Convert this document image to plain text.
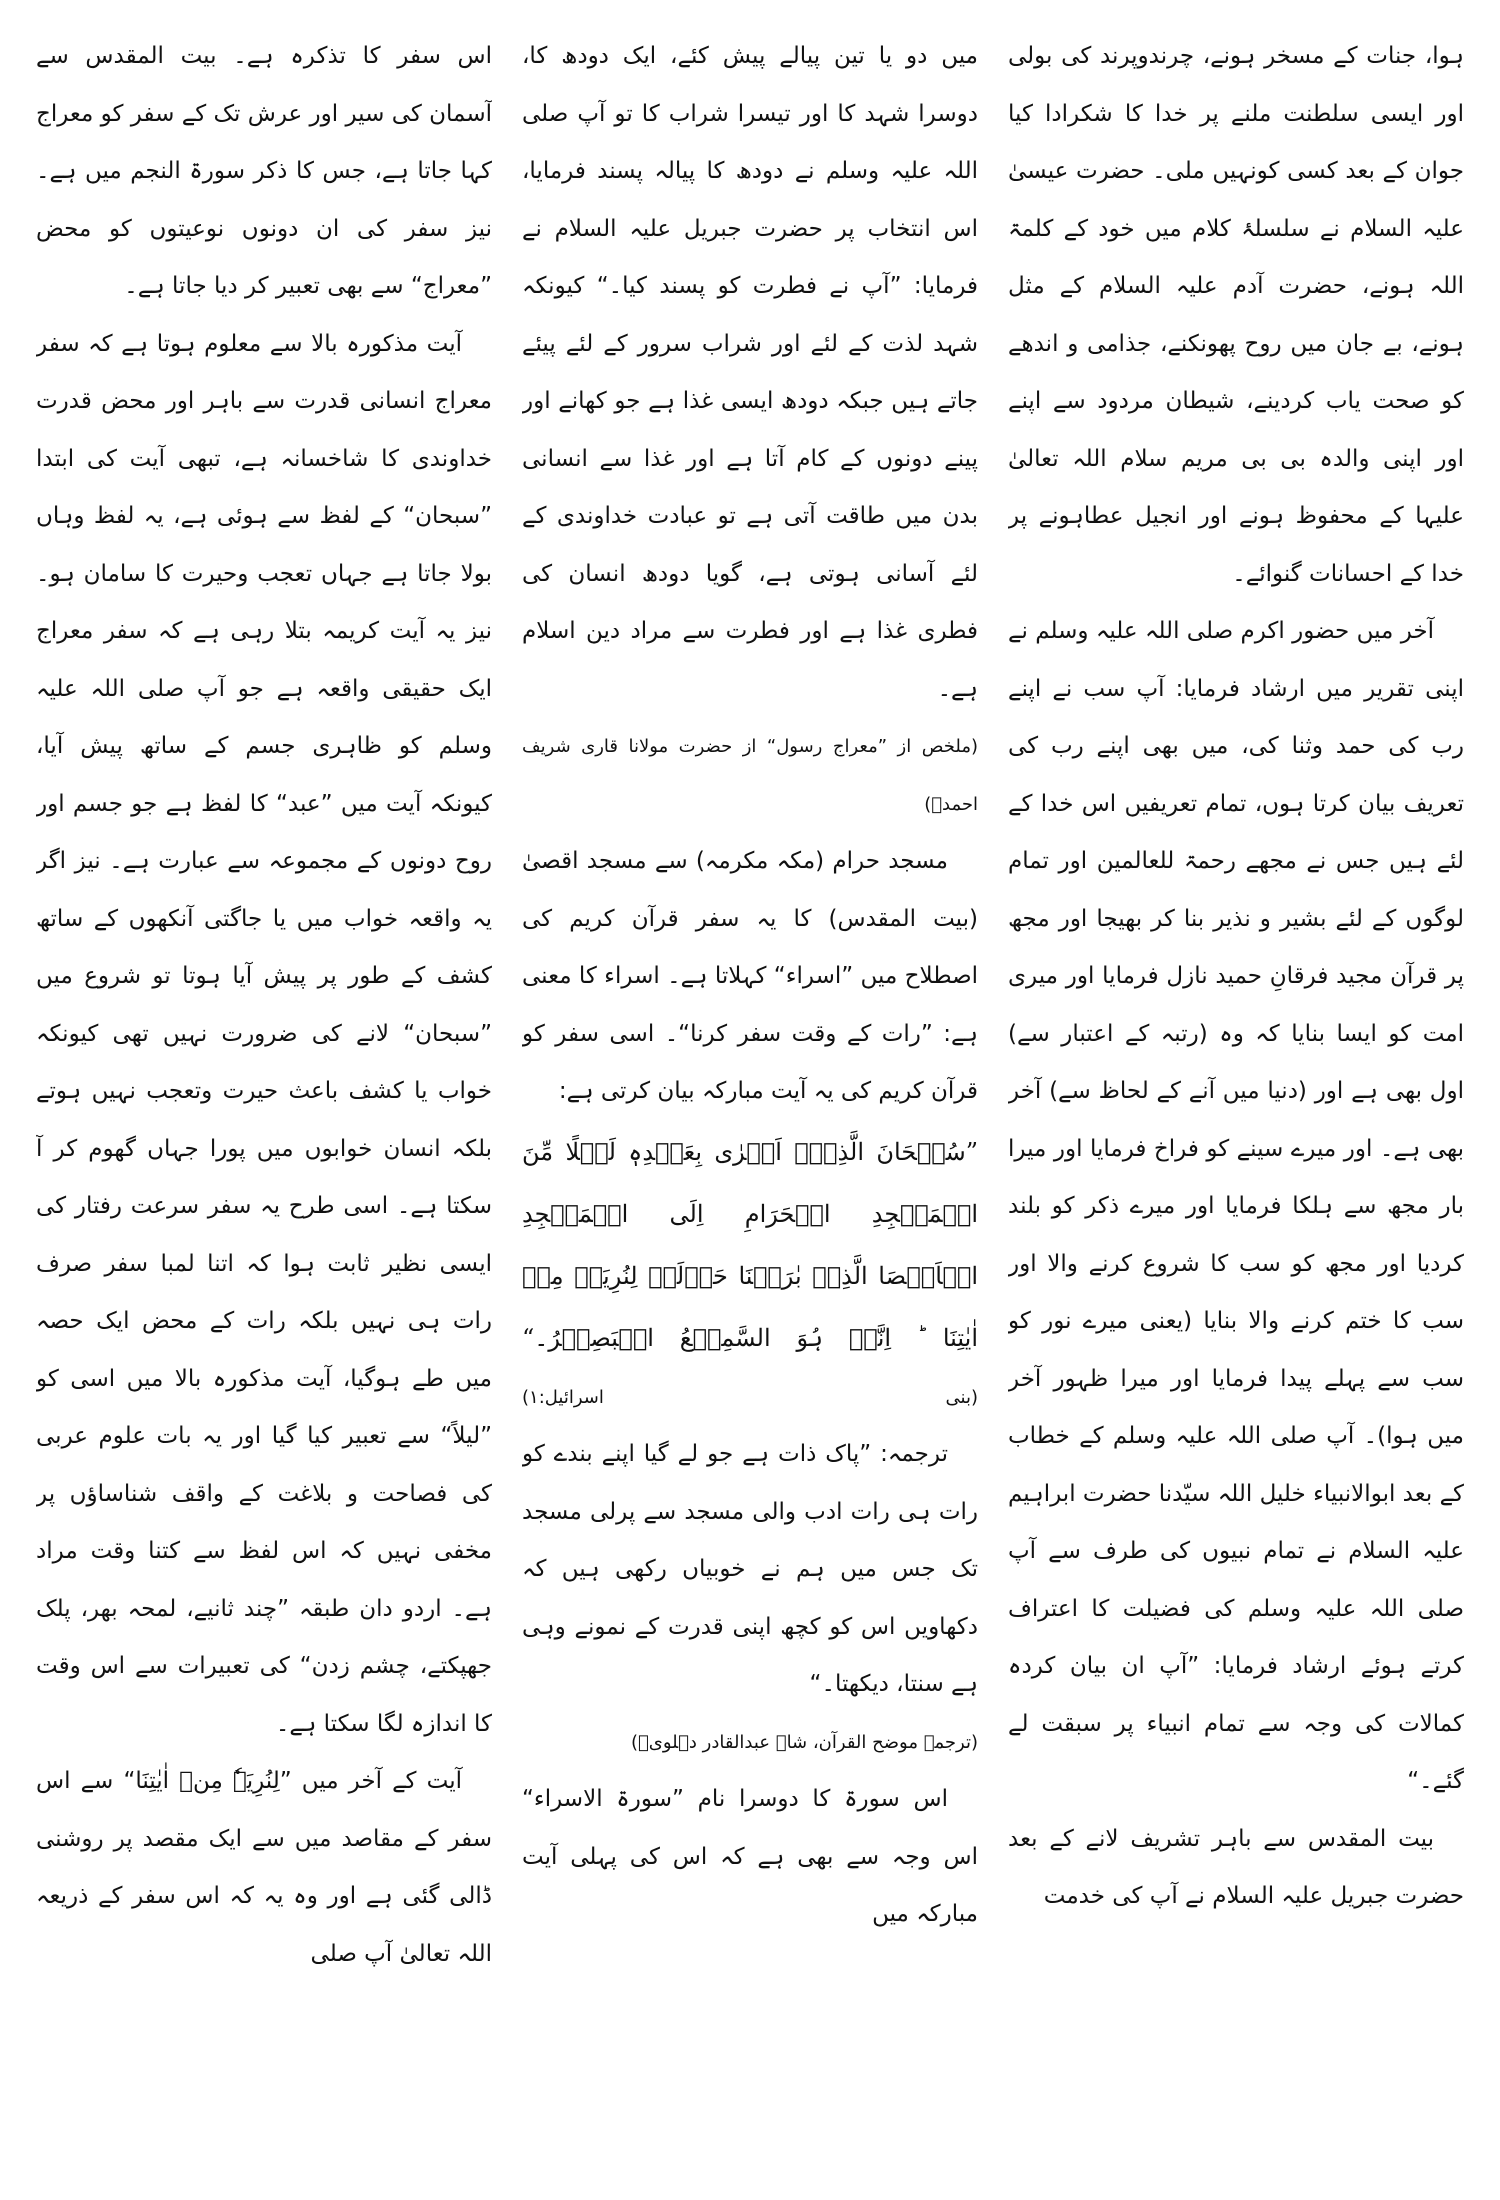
ہوا، جنات کے مسخر ہونے، چرندوپرند کی بولی اور ایسی سلطنت ملنے پر خدا کا شکرادا کیا جوان کے بعد کسی کونہیں ملی۔ حضرت عیسیٰ علیہ السلام نے سلسلۂ کلام میں خود کے کلمۃ اللہ ہونے، حضرت آدم علیہ السلام کے مثل ہونے، بے جان میں روح پھونکنے، جذامی و اندھے کو صحت یاب کردینے، شیطان مردود سے اپنے اور اپنی والدہ بی بی مریم سلام اللہ تعالیٰ علیہا کے محفوظ ہونے اور انجیل عطاہونے پر خدا کے احسانات گنوائے۔

آخر میں حضور اکرم صلی اللہ علیہ وسلم نے اپنی تقریر میں ارشاد فرمایا: آپ سب نے اپنے رب کی حمد وثنا کی، میں بھی اپنے رب کی تعریف بیان کرتا ہوں، تمام تعریفیں اس خدا کے لئے ہیں جس نے مجھے رحمۃ للعالمین اور تمام لوگوں کے لئے بشیر و نذیر بنا کر بھیجا اور مجھ پر قرآن مجید فرقانِ حمید نازل فرمایا اور میری امت کو ایسا بنایا کہ وہ (رتبہ کے اعتبار سے) اول بھی ہے اور (دنیا میں آنے کے لحاظ سے) آخر بھی ہے۔ اور میرے سینے کو فراخ فرمایا اور میرا بار مجھ سے ہلکا فرمایا اور میرے ذکر کو بلند کردیا اور مجھ کو سب کا شروع کرنے والا اور سب کا ختم کرنے والا بنایا (یعنی میرے نور کو سب سے پہلے پیدا فرمایا اور میرا ظہور آخر میں ہوا)۔ آپ صلی اللہ علیہ وسلم کے خطاب کے بعد ابوالانبیاء خلیل اللہ سیّدنا حضرت ابراہیم علیہ السلام نے تمام نبیوں کی طرف سے آپ صلی اللہ علیہ وسلم کی فضیلت کا اعتراف کرتے ہوئے ارشاد فرمایا: ”آپ ان بیان کردہ کمالات کی وجہ سے تمام انبیاء پر سبقت لے گئے۔“

بیت المقدس سے باہر تشریف لانے کے بعد حضرت جبریل علیہ السلام نے آپ کی خدمت

میں دو یا تین پیالے پیش کئے، ایک دودھ کا، دوسرا شہد کا اور تیسرا شراب کا تو آپ صلی اللہ علیہ وسلم نے دودھ کا پیالہ پسند فرمایا، اس انتخاب پر حضرت جبریل علیہ السلام نے فرمایا: ”آپ نے فطرت کو پسند کیا۔“ کیونکہ شہد لذت کے لئے اور شراب سرور کے لئے پیئے جاتے ہیں جبکہ دودھ ایسی غذا ہے جو کھانے اور پینے دونوں کے کام آتا ہے اور غذا سے انسانی بدن میں طاقت آتی ہے تو عبادت خداوندی کے لئے آسانی ہوتی ہے، گویا دودھ انسان کی فطری غذا ہے اور فطرت سے مراد دین اسلام ہے۔

(ملخص از ”معراج رسول“ از حضرت مولانا قاری شریف احمدؒ)

مسجد حرام (مکہ مکرمہ) سے مسجد اقصیٰ (بیت المقدس) کا یہ سفر قرآن کریم کی اصطلاح میں ”اسراء“ کہلاتا ہے۔ اسراء کا معنی ہے: ”رات کے وقت سفر کرنا“۔ اسی سفر کو قرآن کریم کی یہ آیت مبارکہ بیان کرتی ہے:

”سُبۡحَانَ الَّذِیۡۤ اَسۡرٰی بِعَبۡدِہٖ لَیۡلًا مِّنَ الۡمَسۡجِدِ الۡحَرَامِ اِلَی الۡمَسۡجِدِ الۡاَقۡصَا الَّذِیۡ بٰرَکۡنَا حَوۡلَہٗ لِنُرِیَہٗ مِنۡ اٰیٰتِنَا ؕ اِنَّہٗ ہُوَ السَّمِیۡعُ الۡبَصِیۡرُ۔“

(بنی اسرائیل:۱)

ترجمہ: ”پاک ذات ہے جو لے گیا اپنے بندے کو رات ہی رات ادب والی مسجد سے پرلی مسجد تک جس میں ہم نے خوبیاں رکھی ہیں کہ دکھاویں اس کو کچھ اپنی قدرت کے نمونے وہی ہے سنتا، دیکھتا۔“

(ترجمہ موضح القرآن، شاہ عبدالقادر دہلویؒ)

اس سورۃ کا دوسرا نام ”سورۃ الاسراء“ اس وجہ سے بھی ہے کہ اس کی پہلی آیت مبارکہ میں

اس سفر کا تذکرہ ہے۔ بیت المقدس سے آسمان کی سیر اور عرش تک کے سفر کو معراج کہا جاتا ہے، جس کا ذکر سورۃ النجم میں ہے۔ نیز سفر کی ان دونوں نوعیتوں کو محض ”معراج“ سے بھی تعبیر کر دیا جاتا ہے۔

آیت مذکورہ بالا سے معلوم ہوتا ہے کہ سفر معراج انسانی قدرت سے باہر اور محض قدرت خداوندی کا شاخسانہ ہے، تبھی آیت کی ابتدا ”سبحان“ کے لفظ سے ہوئی ہے، یہ لفظ وہاں بولا جاتا ہے جہاں تعجب وحیرت کا سامان ہو۔ نیز یہ آیت کریمہ بتلا رہی ہے کہ سفر معراج ایک حقیقی واقعہ ہے جو آپ صلی اللہ علیہ وسلم کو ظاہری جسم کے ساتھ پیش آیا، کیونکہ آیت میں ”عبد“ کا لفظ ہے جو جسم اور روح دونوں کے مجموعہ سے عبارت ہے۔ نیز اگر یہ واقعہ خواب میں یا جاگتی آنکھوں کے ساتھ کشف کے طور پر پیش آیا ہوتا تو شروع میں ”سبحان“ لانے کی ضرورت نہیں تھی کیونکہ خواب یا کشف باعث حیرت وتعجب نہیں ہوتے بلکہ انسان خوابوں میں پورا جہاں گھوم کر آ سکتا ہے۔ اسی طرح یہ سفر سرعت رفتار کی ایسی نظیر ثابت ہوا کہ اتنا لمبا سفر صرف رات ہی نہیں بلکہ رات کے محض ایک حصہ میں طے ہوگیا، آیت مذکورہ بالا میں اسی کو ”لیلاً“ سے تعبیر کیا گیا اور یہ بات علوم عربی کی فصاحت و بلاغت کے واقف شناساؤں پر مخفی نہیں کہ اس لفظ سے کتنا وقت مراد ہے۔ اردو دان طبقہ ”چند ثانیے، لمحہ بھر، پلک جھپکتے، چشم زدن“ کی تعبیرات سے اس وقت کا اندازہ لگا سکتا ہے۔

آیت کے آخر میں ”لِنُرِیَہٗ مِنۡ اٰیٰتِنَا“ سے اس سفر کے مقاصد میں سے ایک مقصد پر روشنی ڈالی گئی ہے اور وہ یہ کہ اس سفر کے ذریعہ اللہ تعالیٰ آپ صلی
